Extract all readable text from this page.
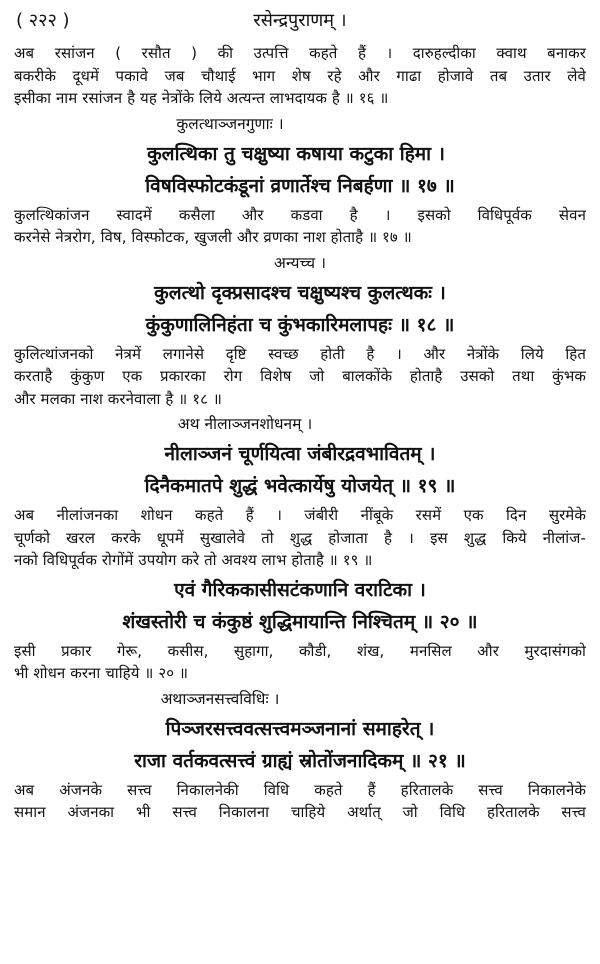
( २२२ )	रसेन्द्रपुराणम् ।
अब रसांजन ( रसौत ) की उत्पत्ति कहते हैं । दारुहल्दीका क्वाथ बनाकर
बकरीके दूधमें पकावे जब चौथाई भाग शेष रहे और गाढा होजावे तब उतार लेवे
इसीका नाम रसांजन है यह नेत्रोंके लिये अत्यन्त लाभदायक है ॥ १६ ॥
कुलत्थाञ्जनगुणाः ।
कुलत्थिका तु चक्षुष्या कषाया कटुका हिमा ।
विषविस्फोटकंडूनां व्रणार्तेश्च निबर्हणा ॥ १७ ॥
कुलत्थिकांजन स्वादमें कसैला और कडवा है । इसको विधिपूर्वक सेवन
करनेसे नेत्ररोग, विष, विस्फोटक, खुजली और व्रणका नाश होताहै ॥ १७ ॥
अन्यच्च ।
कुलत्थो दृक्प्रसादश्च चक्षुष्यश्च कुलत्थकः ।
कुंकुणालिनिहंता च कुंभकारिमलापहः ॥ १८ ॥
कुलित्थांजनको नेत्रमें लगानेसे दृष्टि स्वच्छ होती है । और नेत्रोंके लिये हित
करताहै कुंकुण एक प्रकारका रोग विशेष जो बालकोंके होताहै उसको तथा कुंभक
और मलका नाश करनेवाला है ॥ १८ ॥
अथ नीलाञ्जनशोधनम् ।
नीलाञ्जनं चूर्णयित्वा जंबीरद्रवभावितम् ।
दिनैकमातपे शुद्धं भवेत्कार्येषु योजयेत् ॥ १९ ॥
अब नीलांजनका शोधन कहते हैं । जंबीरी नींबूके रसमें एक दिन सुरमेके
चूर्णको खरल करके धूपमें सुखालेवे तो शुद्ध होजाता है । इस शुद्ध किये नीलांज-
नको विधिपूर्वक रोगोंमें उपयोग करे तो अवश्य लाभ होताहै ॥ १९ ॥
एवं गैरिककासीसटंकणानि वराटिका ।
शंखस्तोरी च कंकुष्ठं शुद्धिमायान्ति निश्चितम् ॥ २० ॥
इसी प्रकार गेरू, कसीस, सुहागा, कौडी, शंख, मनसिल और मुरदासंगको
भी शोधन करना चाहिये ॥ २० ॥
अथाञ्जनसत्त्वविधिः ।
पिञ्जरसत्त्ववत्सत्त्वमञ्जनानां समाहरेत् ।
राजा वर्तकवत्सत्त्वं ग्राह्यं स्रोतोंजनादिकम् ॥ २१ ॥
अब अंजनके सत्त्व निकालनेकी विधि कहते हैं हरितालके सत्त्व निकालनेके
समान अंजनका भी सत्त्व निकालना चाहिये अर्थात् जो विधि हरितालके सत्त्व
